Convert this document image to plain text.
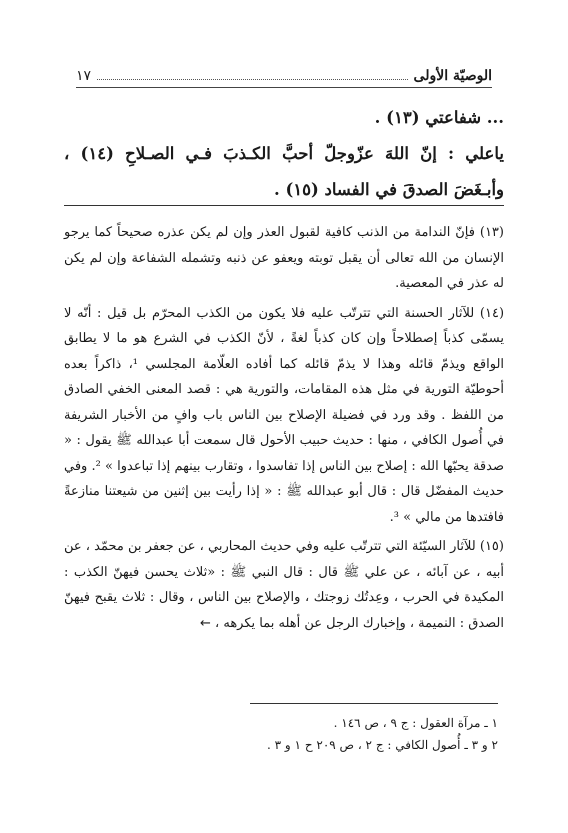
الوصيّة الأولى
١٧

... شفاعتي (١٣) .

ياعلي : إنّ اللهَ عزّوجلّ أحبَّ الكـذبَ فـي الصـلاحِ (١٤) ، وأبـغَضَ الصدقَ في الفساد (١٥) .

(١٣) فإنّ الندامة من الذنب كافية لقبول العذر وإن لم يكن عذره صحيحاً كما يرجو الإنسان من الله تعالى أن يقبل توبته ويعفو عن ذنبه وتشمله الشفاعة وإن لم يكن له عذر في المعصية.

(١٤) للآثار الحسنة التي تترتّب عليه فلا يكون من الكذب المحرّم بل قيل : أنّه لا يسمّى كذباً إصطلاحاً وإن كان كذباً لغةً ، لأنّ الكذب في الشرع هو ما لا يطابق الواقع ويذمّ قائله وهذا لا يذمّ قائله كما أفاده العلّامة المجلسي ¹، ذاكراً بعده أحوطيّة التورية في مثل هذه المقامات، والتورية هي : قصد المعنى الخفي الصادق من اللفظ . وقد ورد في فضيلة الإصلاح بين الناس باب وافٍ من الأخبار الشريفة في أُصول الكافي ، منها : حديث حبيب الأحول قال سمعت أبا عبدالله ﷺ يقول : « صدقة يحبّها الله : إصلاح بين الناس إذا تفاسدوا ، وتقارب بينهم إذا تباعدوا » ². وفي حديث المفضّل قال : قال أبو عبدالله ﷺ : « إذا رأيت بين إثنين من شيعتنا منازعةً فافتدها من مالي » ³.

(١٥) للآثار السيّئة التي تترتّب عليه وفي حديث المحاربي ، عن جعفر بن محمّد ، عن أبيه ، عن آبائه ، عن علي ﷺ قال : قال النبي ﷺ : «ثلاث يحسن فيهنّ الكذب : المكيدة في الحرب ، وعِدتُك زوجتك ، والإصلاح بين الناس ، وقال : ثلاث يقبح فيهنّ الصدق : النميمة ، وإخبارك الرجل عن أهله بما يكرهه ، ←

١ ـ مرآة العقول : ج ٩ ، ص ١٤٦ .

٢ و ٣ ـ أُصول الكافي : ج ٢ ، ص ٢٠٩ ح ١ و ٣ .
